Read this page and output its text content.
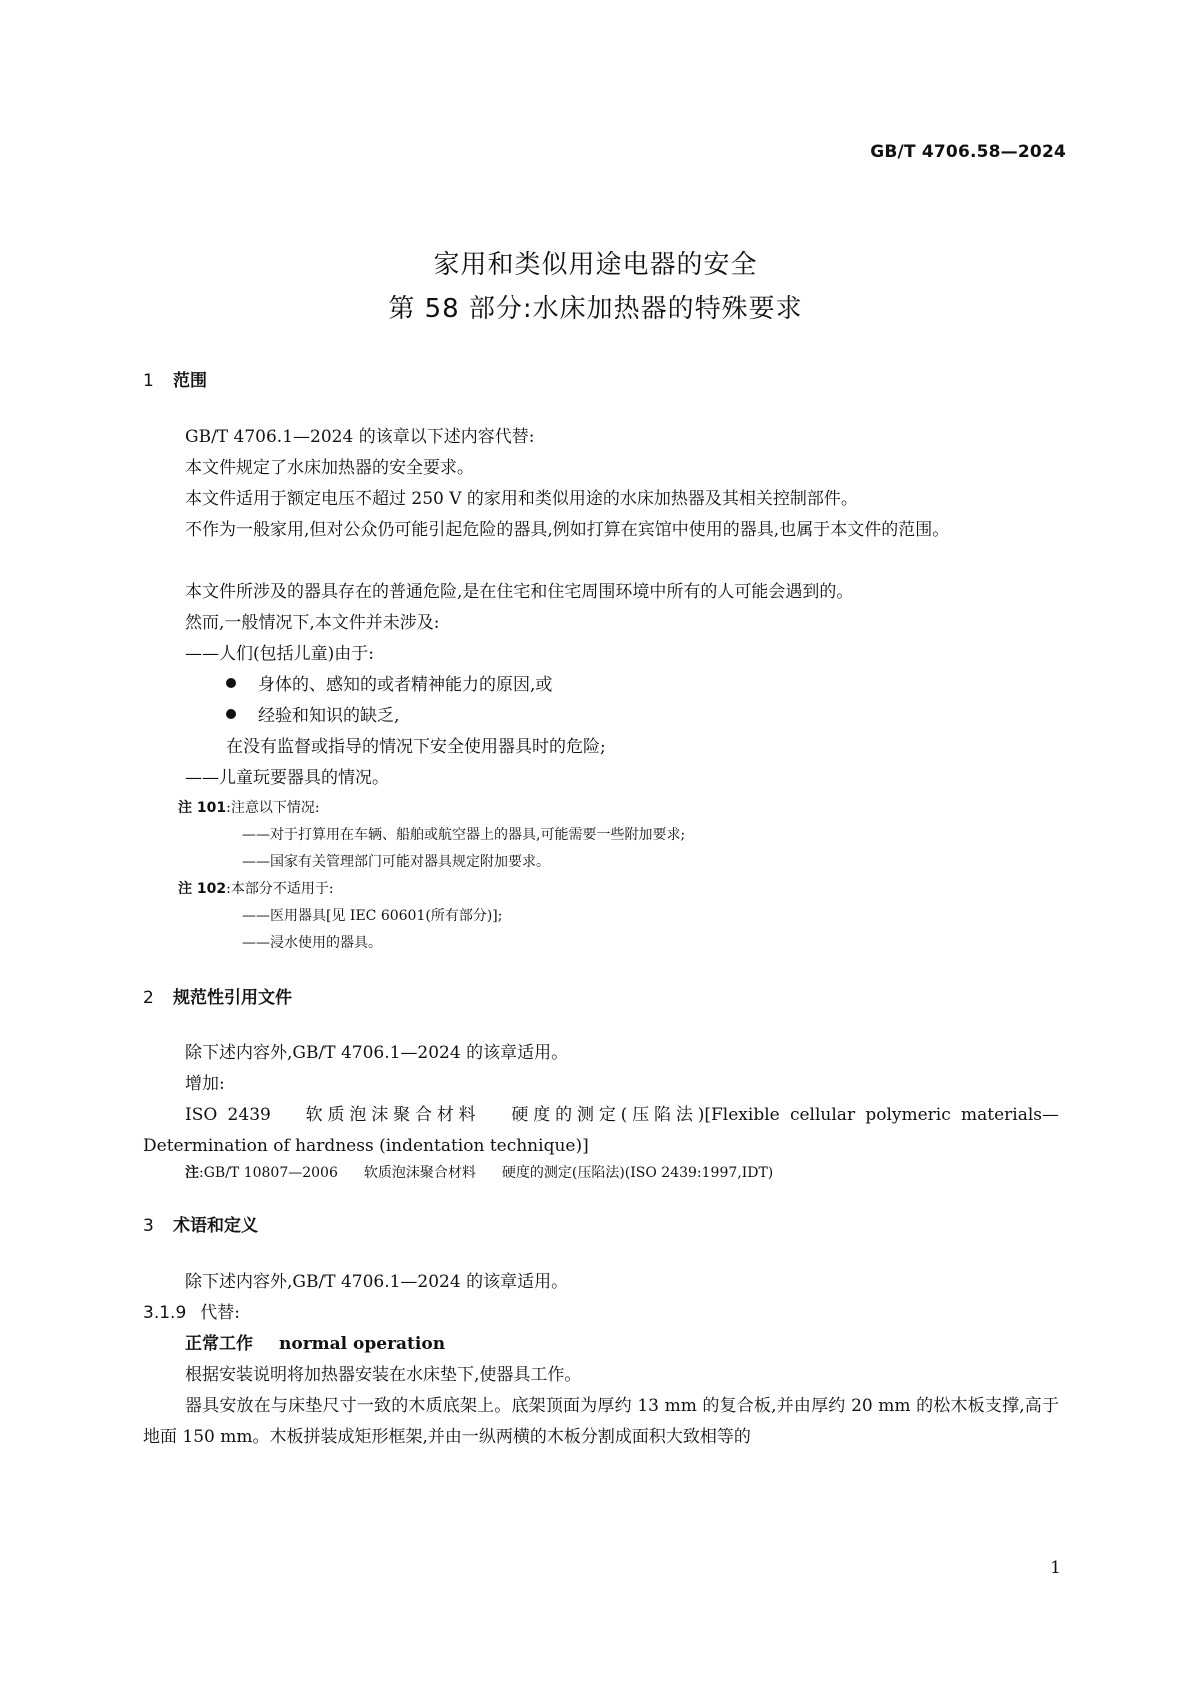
GB/T 4706.58—2024
家用和类似用途电器的安全
第 58 部分:水床加热器的特殊要求
1 范围
GB/T 4706.1—2024 的该章以下述内容代替:
本文件规定了水床加热器的安全要求。
本文件适用于额定电压不超过 250 V 的家用和类似用途的水床加热器及其相关控制部件。
不作为一般家用,但对公众仍可能引起危险的器具,例如打算在宾馆中使用的器具,也属于本文件的范围。
本文件所涉及的器具存在的普通危险,是在住宅和住宅周围环境中所有的人可能会遇到的。
然而,一般情况下,本文件并未涉及:
——人们(包括儿童)由于:
身体的、感知的或者精神能力的原因,或
经验和知识的缺乏,
在没有监督或指导的情况下安全使用器具时的危险;
——儿童玩要器具的情况。
注 101:注意以下情况:
——对于打算用在车辆、船舶或航空器上的器具,可能需要一些附加要求;
——国家有关管理部门可能对器具规定附加要求。
注 102:本部分不适用于:
——医用器具[见 IEC 60601(所有部分)];
——浸水使用的器具。
2 规范性引用文件
除下述内容外,GB/T 4706.1—2024 的该章适用。
增加:
ISO 2439 软质泡沫聚合材料 硬度的测定(压陷法)[Flexible cellular polymeric materials—Determination of hardness (indentation technique)]
注:GB/T 10807—2006 软质泡沫聚合材料 硬度的测定(压陷法)(ISO 2439:1997,IDT)
3 术语和定义
除下述内容外,GB/T 4706.1—2024 的该章适用。
3.1.9 代替:
正常工作 normal operation
根据安装说明将加热器安装在水床垫下,使器具工作。
器具安放在与床垫尺寸一致的木质底架上。底架顶面为厚约 13 mm 的复合板,并由厚约 20 mm 的松木板支撑,高于地面 150 mm。木板拼装成矩形框架,并由一纵两横的木板分割成面积大致相等的
1
